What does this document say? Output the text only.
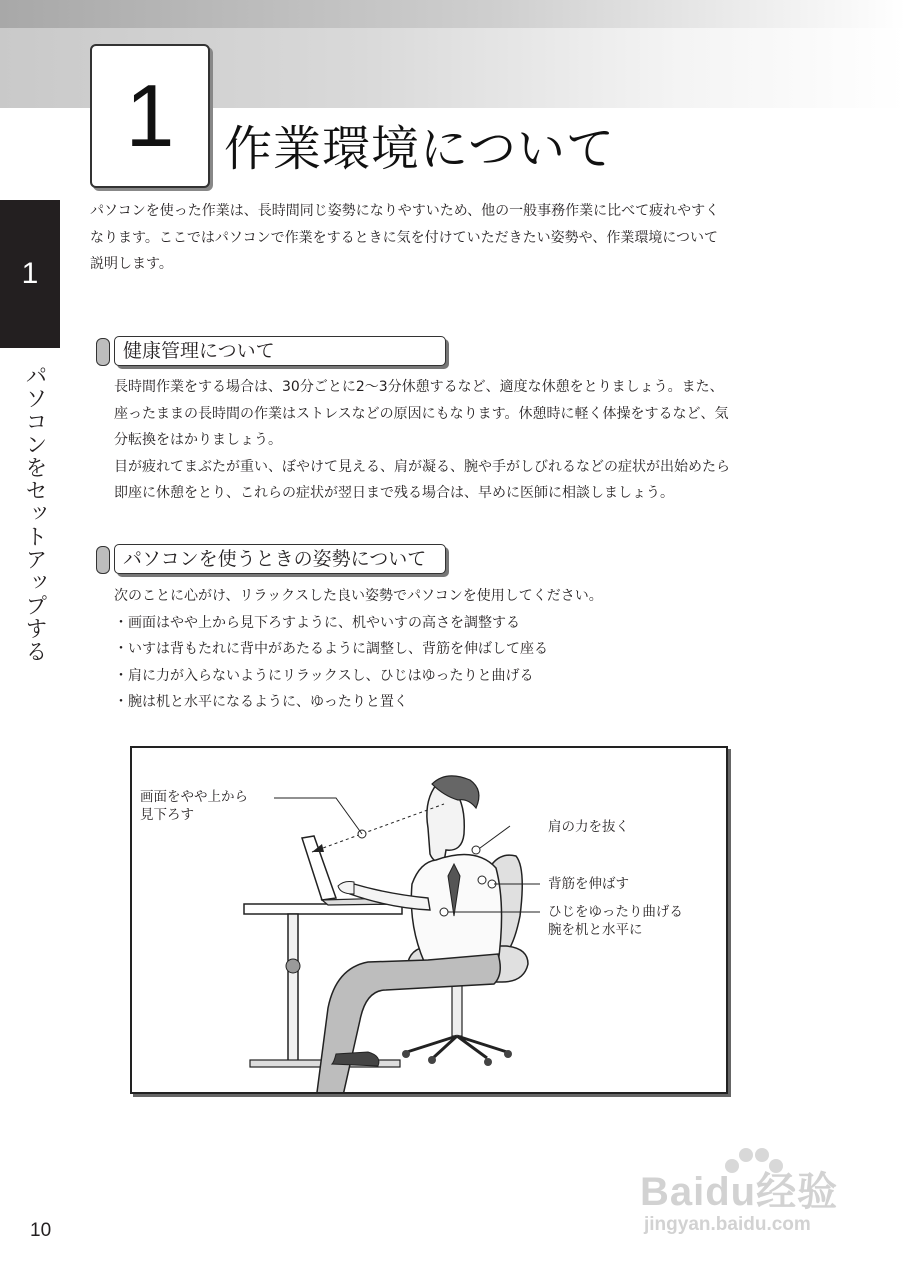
1	作業環境について
1
パソコンをセットアップする

パソコンを使った作業は、長時間同じ姿勢になりやすいため、他の一般事務作業に比べて疲れやすく

なります。ここではパソコンで作業をするときに気を付けていただきたい姿勢や、作業環境について

説明します。

健康管理について

長時間作業をする場合は、30分ごとに2〜3分休憩するなど、適度な休憩をとりましょう。また、

座ったままの長時間の作業はストレスなどの原因にもなります。休憩時に軽く体操をするなど、気

分転換をはかりましょう。

目が疲れてまぶたが重い、ぼやけて見える、肩が凝る、腕や手がしびれるなどの症状が出始めたら

即座に休憩をとり、これらの症状が翌日まで残る場合は、早めに医師に相談しましょう。

パソコンを使うときの姿勢について

次のことに心がけ、リラックスした良い姿勢でパソコンを使用してください。

・画面はやや上から見下ろすように、机やいすの高さを調整する
・いすは背もたれに背中があたるように調整し、背筋を伸ばして座る
・肩に力が入らないようにリラックスし、ひじはゆったりと曲げる
・腕は机と水平になるように、ゆったりと置く
画面をやや上から
見下ろす
肩の力を抜く
背筋を伸ばす
ひじをゆったり曲げる
腕を机と水平に
10
Baidu经验
jingyan.baidu.com
